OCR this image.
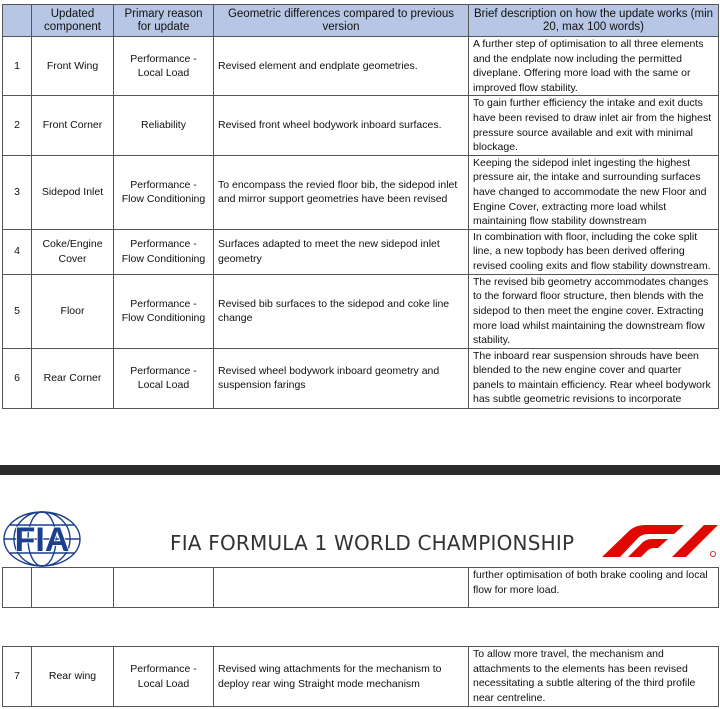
	Updated component	Primary reason for update	Geometric differences compared to previous version	Brief description on how the update works (min 20, max 100 words)
1	Front Wing	Performance - Local Load	Revised element and endplate geometries.	A further step of optimisation to all three elements and the endplate now including the permitted diveplane. Offering more load with the same or improved flow stability.
2	Front Corner	Reliability	Revised front wheel bodywork inboard surfaces.	To gain further efficiency the intake and exit ducts have been revised to draw inlet air from the highest pressure source available and exit with minimal blockage.
3	Sidepod Inlet	Performance - Flow Conditioning	To encompass the revied floor bib, the sidepod inlet and mirror support geometries have been revised	Keeping the sidepod inlet ingesting the highest pressure air, the intake and surrounding surfaces have changed to accommodate the new Floor and Engine Cover, extracting more load whilst maintaining flow stability downstream
4	Coke/Engine Cover	Performance - Flow Conditioning	Surfaces adapted to meet the new sidepod inlet geometry	In combination with floor, including the coke split line, a new topbody has been derived offering revised cooling exits and flow stability downstream.
5	Floor	Performance - Flow Conditioning	Revised bib surfaces to the sidepod and coke line change	The revised bib geometry accommodates changes to the forward floor structure, then blends with the sidepod to then meet the engine cover. Extracting more load whilst maintaining the downstream flow stability.
6	Rear Corner	Performance - Local Load	Revised wheel bodywork inboard geometry and suspension farings	The inboard rear suspension shrouds have been blended to the new engine cover and quarter panels to maintain efficiency. Rear wheel bodywork has subtle geometric revisions to incorporate
FIA	FIA FORMULA 1 WORLD CHAMPIONSHIP
				further optimisation of both brake cooling and local flow for more load.
7	Rear wing	Performance - Local Load	Revised wing attachments for the mechanism to deploy rear wing Straight mode mechanism	To allow more travel, the mechanism and attachments to the elements has been revised necessitating a subtle altering of the third profile near centreline.
